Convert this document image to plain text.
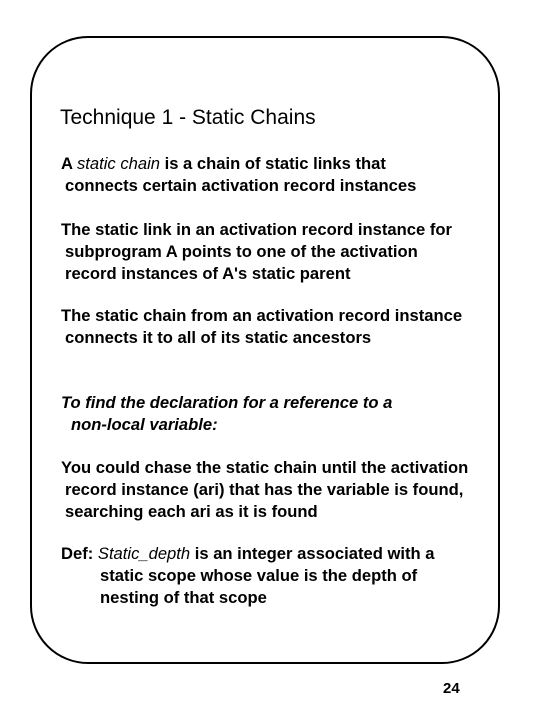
Technique 1 - Static Chains

A static chain is a chain of static links that
connects certain activation record instances

The static link in an activation record instance for
subprogram A points to one of the activation
record instances of A's static parent

The static chain from an activation record instance
connects it to all of its static ancestors

To find the declaration for a reference to a
non-local variable:

You could chase the static chain until the activation
record instance (ari) that has the variable is found,
searching each ari as it is found

Def: Static_depth is an integer associated with a
static scope whose value is the depth of
nesting of that scope

24
